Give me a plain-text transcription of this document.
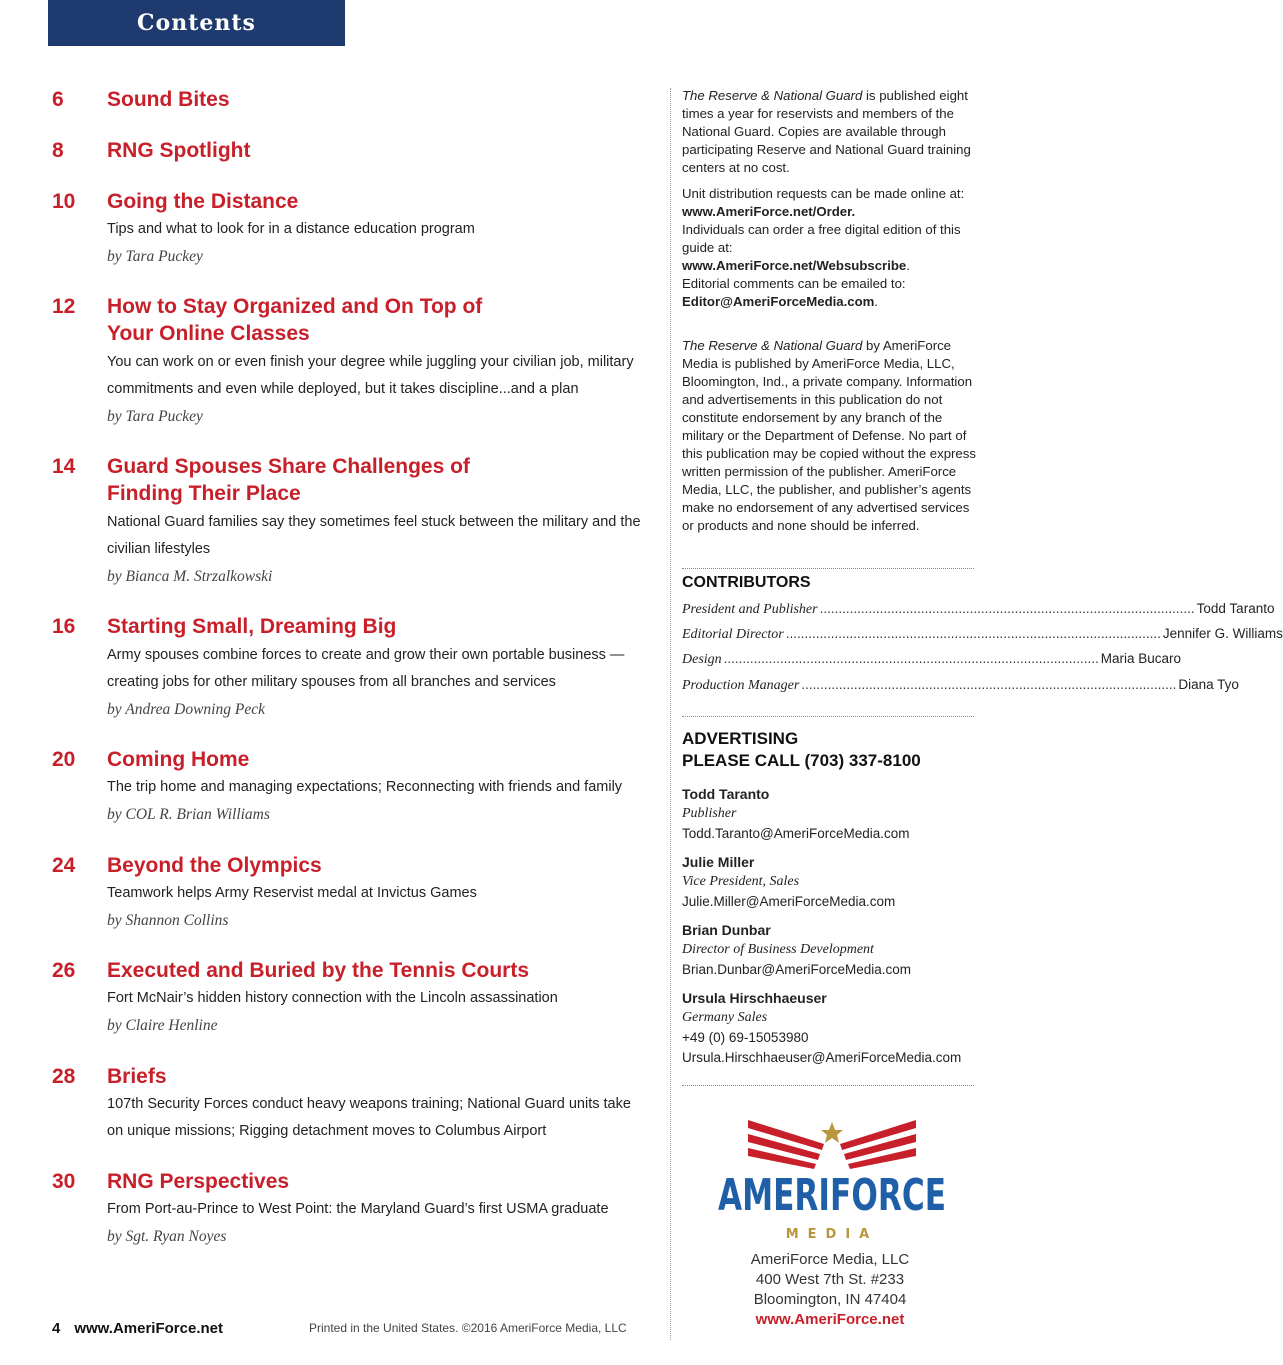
Contents
6	Sound Bites
8	RNG Spotlight
10	Going the Distance
Tips and what to look for in a distance education program
by Tara Puckey
12	How to Stay Organized and On Top of
Your Online Classes
You can work on or even finish your degree while juggling your civilian job, military
commitments and even while deployed, but it takes discipline...and a plan
by Tara Puckey
14	Guard Spouses Share Challenges of
Finding Their Place
National Guard families say they sometimes feel stuck between the military and the
civilian lifestyles
by Bianca M. Strzalkowski
16	Starting Small, Dreaming Big
Army spouses combine forces to create and grow their own portable business —
creating jobs for other military spouses from all branches and services
by Andrea Downing Peck
20	Coming Home
The trip home and managing expectations; Reconnecting with friends and family
by COL R. Brian Williams
24	Beyond the Olympics
Teamwork helps Army Reservist medal at Invictus Games
by Shannon Collins
26	Executed and Buried by the Tennis Courts
Fort McNair’s hidden history connection with the Lincoln assassination
by Claire Henline
28	Briefs
107th Security Forces conduct heavy weapons training; National Guard units take
on unique missions; Rigging detachment moves to Columbus Airport
30	RNG Perspectives
From Port-au-Prince to West Point: the Maryland Guard’s first USMA graduate
by Sgt. Ryan Noyes

The Reserve & National Guard is published eight times a year for reservists and members of the National Guard. Copies are available through participating Reserve and National Guard training centers at no cost.

Unit distribution requests can be made online at:
www.AmeriForce.net/Order.
Individuals can order a free digital edition of this guide at:
www.AmeriForce.net/Websubscribe.
Editorial comments can be emailed to:
Editor@AmeriForceMedia.com.

The Reserve & National Guard by AmeriForce Media is published by AmeriForce Media, LLC, Bloomington, Ind., a private company. Information and advertisements in this publication do not constitute endorsement by any branch of the military or the Department of Defense. No part of this publication may be copied without the express written permission of the publisher. AmeriForce Media, LLC, the publisher, and publisher’s agents make no endorsement of any advertised services or products and none should be inferred.

CONTRIBUTORS
President and Publisher .....	Todd Taranto
Editorial Director .....	Jennifer G. Williams
Design .....	Maria Bucaro
Production Manager .....	Diana Tyo
ADVERTISING
PLEASE CALL (703) 337-8100
Todd Taranto
Publisher
Todd.Taranto@AmeriForceMedia.com
Julie Miller
Vice President, Sales
Julie.Miller@AmeriForceMedia.com
Brian Dunbar
Director of Business Development
Brian.Dunbar@AmeriForceMedia.com
Ursula Hirschhaeuser
Germany Sales
+49 (0) 69-15053980
Ursula.Hirschhaeuser@AmeriForceMedia.com
AMERIFORCE
MEDIA
AmeriForce Media, LLC
400 West 7th St. #233
Bloomington, IN 47404
www.AmeriForce.net
4 www.AmeriForce.net	Printed in the United States. ©2016 AmeriForce Media, LLC
